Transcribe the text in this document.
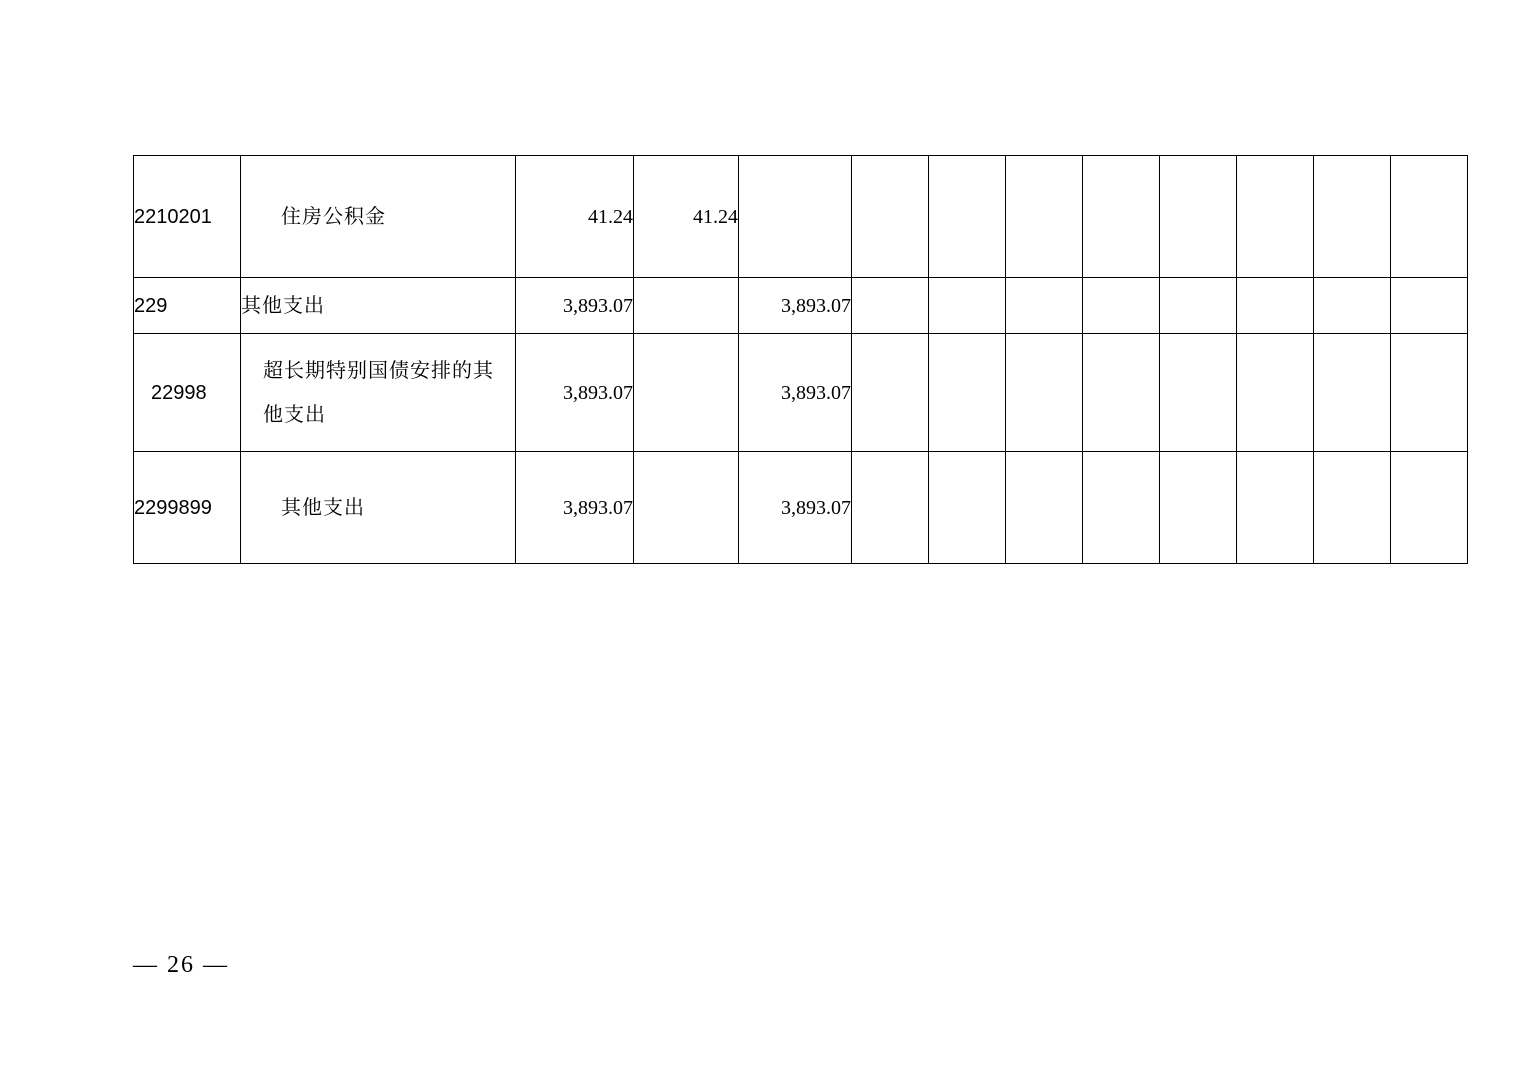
2210201	住房公积金	41.24	41.24									
229	其他支出	3,893.07		3,893.07								
22998	超长期特别国债安排的其他支出	3,893.07		3,893.07								
2299899	其他支出	3,893.07		3,893.07								
— 26 —
